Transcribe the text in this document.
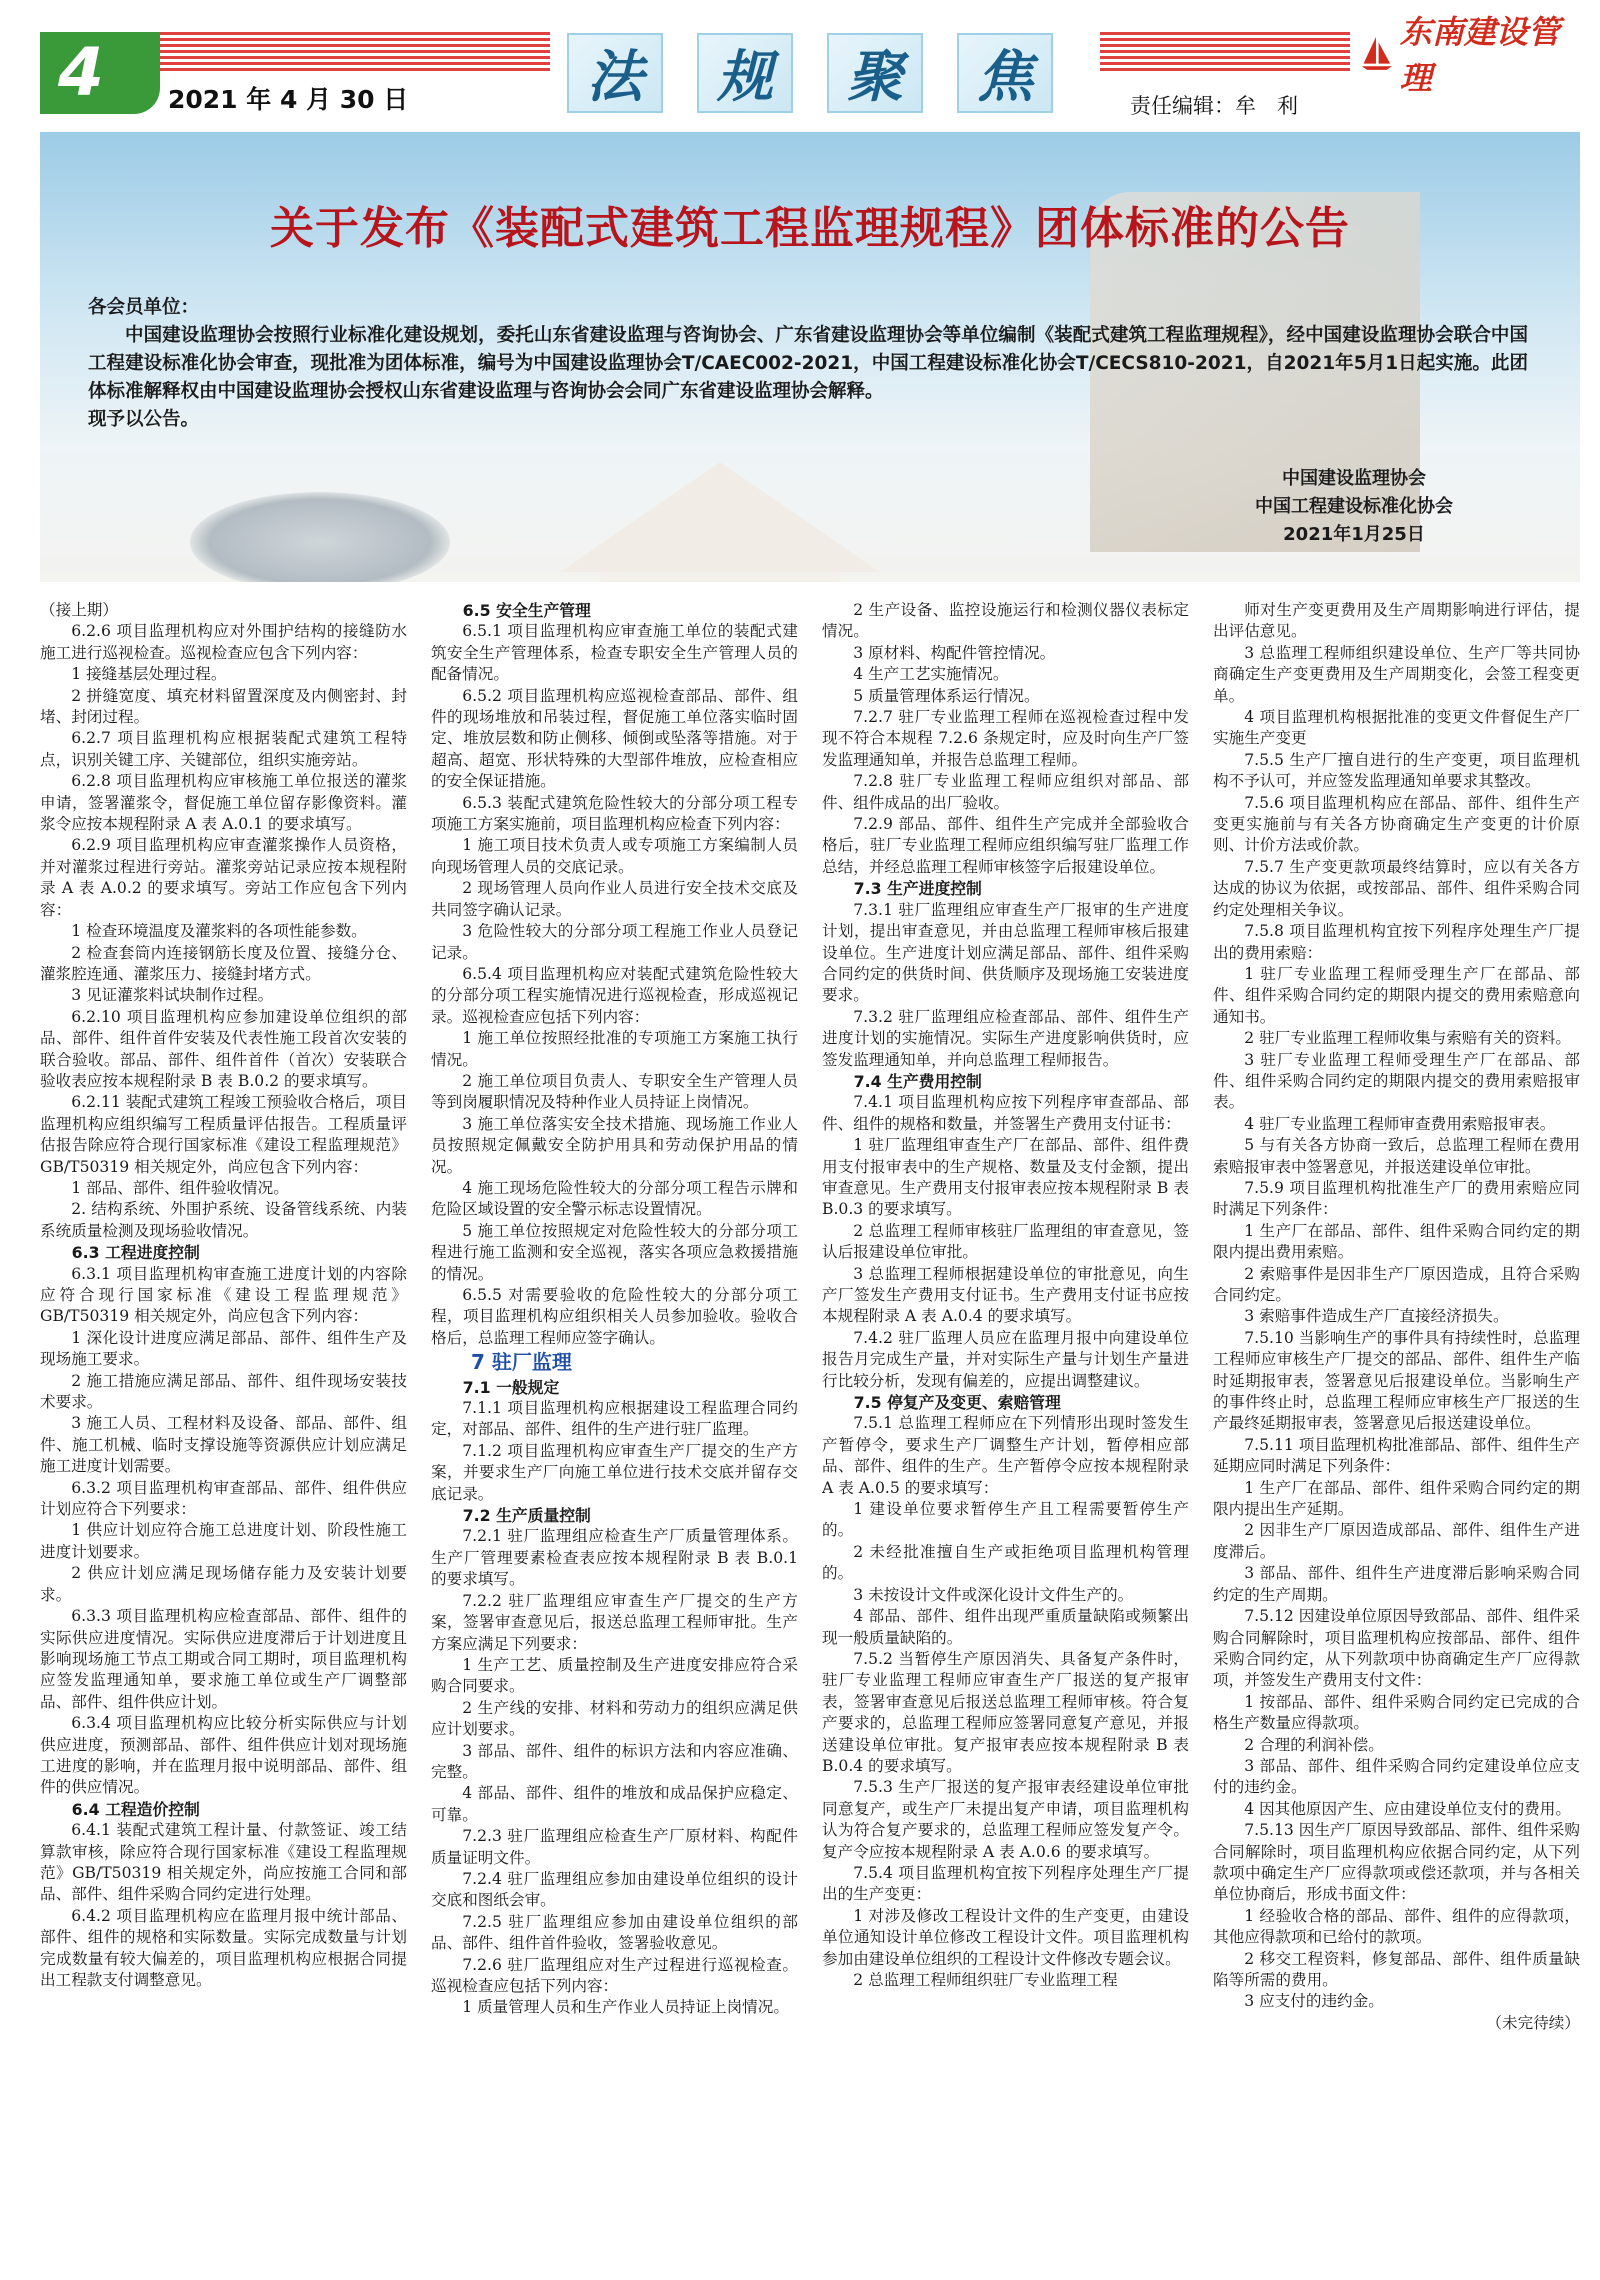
4	2021 年 4 月 30 日	法	规	聚	焦
东南建设管理
责任编辑：牟　利
关于发布《装配式建筑工程监理规程》团体标准的公告
各会员单位：
中国建设监理协会按照行业标准化建设规划，委托山东省建设监理与咨询协会、广东省建设监理协会等单位编制《装配式建筑工程监理规程》，经中国建设监理协会联合中国工程建设标准化协会审查，现批准为团体标准，编号为中国建设监理协会T/CAEC002-2021，中国工程建设标准化协会T/CECS810-2021，自2021年5月1日起实施。此团体标准解释权由中国建设监理协会授权山东省建设监理与咨询协会会同广东省建设监理协会解释。
现予以公告。
中国建设监理协会
中国工程建设标准化协会
2021年1月25日

（接上期）

6.2.6 项目监理机构应对外围护结构的接缝防水施工进行巡视检查。巡视检查应包含下列内容：

1 接缝基层处理过程。

2 拼缝宽度、填充材料留置深度及内侧密封、封堵、封闭过程。

6.2.7 项目监理机构应根据装配式建筑工程特点，识别关键工序、关键部位，组织实施旁站。

6.2.8 项目监理机构应审核施工单位报送的灌浆申请，签署灌浆令，督促施工单位留存影像资料。灌浆令应按本规程附录 A 表 A.0.1 的要求填写。

6.2.9 项目监理机构应审查灌浆操作人员资格，并对灌浆过程进行旁站。灌浆旁站记录应按本规程附录 A 表 A.0.2 的要求填写。旁站工作应包含下列内容：

1 检查环境温度及灌浆料的各项性能参数。

2 检查套筒内连接钢筋长度及位置、接缝分仓、灌浆腔连通、灌浆压力、接缝封堵方式。

3 见证灌浆料试块制作过程。

6.2.10 项目监理机构应参加建设单位组织的部品、部件、组件首件安装及代表性施工段首次安装的联合验收。部品、部件、组件首件（首次）安装联合验收表应按本规程附录 B 表 B.0.2 的要求填写。

6.2.11 装配式建筑工程竣工预验收合格后，项目监理机构应组织编写工程质量评估报告。工程质量评估报告除应符合现行国家标准《建设工程监理规范》GB/T50319 相关规定外，尚应包含下列内容：

1 部品、部件、组件验收情况。

2. 结构系统、外围护系统、设备管线系统、内装系统质量检测及现场验收情况。

6.3 工程进度控制

6.3.1 项目监理机构审查施工进度计划的内容除应符合现行国家标准《建设工程监理规范》GB/T50319 相关规定外，尚应包含下列内容：

1 深化设计进度应满足部品、部件、组件生产及现场施工要求。

2 施工措施应满足部品、部件、组件现场安装技术要求。

3 施工人员、工程材料及设备、部品、部件、组件、施工机械、临时支撑设施等资源供应计划应满足施工进度计划需要。

6.3.2 项目监理机构审查部品、部件、组件供应计划应符合下列要求：

1 供应计划应符合施工总进度计划、阶段性施工进度计划要求。

2 供应计划应满足现场储存能力及安装计划要求。

6.3.3 项目监理机构应检查部品、部件、组件的实际供应进度情况。实际供应进度滞后于计划进度且影响现场施工节点工期或合同工期时，项目监理机构应签发监理通知单，要求施工单位或生产厂调整部品、部件、组件供应计划。

6.3.4 项目监理机构应比较分析实际供应与计划供应进度，预测部品、部件、组件供应计划对现场施工进度的影响，并在监理月报中说明部品、部件、组件的供应情况。

6.4 工程造价控制

6.4.1 装配式建筑工程计量、付款签证、竣工结算款审核，除应符合现行国家标准《建设工程监理规范》GB/T50319 相关规定外，尚应按施工合同和部品、部件、组件采购合同约定进行处理。

6.4.2 项目监理机构应在监理月报中统计部品、部件、组件的规格和实际数量。实际完成数量与计划完成数量有较大偏差的，项目监理机构应根据合同提出工程款支付调整意见。

6.5 安全生产管理

6.5.1 项目监理机构应审查施工单位的装配式建筑安全生产管理体系，检查专职安全生产管理人员的配备情况。

6.5.2 项目监理机构应巡视检查部品、部件、组件的现场堆放和吊装过程，督促施工单位落实临时固定、堆放层数和防止侧移、倾倒或坠落等措施。对于超高、超宽、形状特殊的大型部件堆放，应检查相应的安全保证措施。

6.5.3 装配式建筑危险性较大的分部分项工程专项施工方案实施前，项目监理机构应检查下列内容：

1 施工项目技术负责人或专项施工方案编制人员向现场管理人员的交底记录。

2 现场管理人员向作业人员进行安全技术交底及共同签字确认记录。

3 危险性较大的分部分项工程施工作业人员登记记录。

6.5.4 项目监理机构应对装配式建筑危险性较大的分部分项工程实施情况进行巡视检查，形成巡视记录。巡视检查应包括下列内容：

1 施工单位按照经批准的专项施工方案施工执行情况。

2 施工单位项目负责人、专职安全生产管理人员等到岗履职情况及特种作业人员持证上岗情况。

3 施工单位落实安全技术措施、现场施工作业人员按照规定佩戴安全防护用具和劳动保护用品的情况。

4 施工现场危险性较大的分部分项工程告示牌和危险区域设置的安全警示标志设置情况。

5 施工单位按照规定对危险性较大的分部分项工程进行施工监测和安全巡视，落实各项应急救援措施的情况。

6.5.5 对需要验收的危险性较大的分部分项工程，项目监理机构应组织相关人员参加验收。验收合格后，总监理工程师应签字确认。

7 驻厂监理

7.1 一般规定

7.1.1 项目监理机构应根据建设工程监理合同约定，对部品、部件、组件的生产进行驻厂监理。

7.1.2 项目监理机构应审查生产厂提交的生产方案，并要求生产厂向施工单位进行技术交底并留存交底记录。

7.2 生产质量控制

7.2.1 驻厂监理组应检查生产厂质量管理体系。生产厂管理要素检查表应按本规程附录 B 表 B.0.1 的要求填写。

7.2.2 驻厂监理组应审查生产厂提交的生产方案，签署审查意见后，报送总监理工程师审批。生产方案应满足下列要求：

1 生产工艺、质量控制及生产进度安排应符合采购合同要求。

2 生产线的安排、材料和劳动力的组织应满足供应计划要求。

3 部品、部件、组件的标识方法和内容应准确、完整。

4 部品、部件、组件的堆放和成品保护应稳定、可靠。

7.2.3 驻厂监理组应检查生产厂原材料、构配件质量证明文件。

7.2.4 驻厂监理组应参加由建设单位组织的设计交底和图纸会审。

7.2.5 驻厂监理组应参加由建设单位组织的部品、部件、组件首件验收，签署验收意见。

7.2.6 驻厂监理组应对生产过程进行巡视检查。巡视检查应包括下列内容：

1 质量管理人员和生产作业人员持证上岗情况。

2 生产设备、监控设施运行和检测仪器仪表标定情况。

3 原材料、构配件管控情况。

4 生产工艺实施情况。

5 质量管理体系运行情况。

7.2.7 驻厂专业监理工程师在巡视检查过程中发现不符合本规程 7.2.6 条规定时，应及时向生产厂签发监理通知单，并报告总监理工程师。

7.2.8 驻厂专业监理工程师应组织对部品、部件、组件成品的出厂验收。

7.2.9 部品、部件、组件生产完成并全部验收合格后，驻厂专业监理工程师应组织编写驻厂监理工作总结，并经总监理工程师审核签字后报建设单位。

7.3 生产进度控制

7.3.1 驻厂监理组应审查生产厂报审的生产进度计划，提出审查意见，并由总监理工程师审核后报建设单位。生产进度计划应满足部品、部件、组件采购合同约定的供货时间、供货顺序及现场施工安装进度要求。

7.3.2 驻厂监理组应检查部品、部件、组件生产进度计划的实施情况。实际生产进度影响供货时，应签发监理通知单，并向总监理工程师报告。

7.4 生产费用控制

7.4.1 项目监理机构应按下列程序审查部品、部件、组件的规格和数量，并签署生产费用支付证书：

1 驻厂监理组审查生产厂在部品、部件、组件费用支付报审表中的生产规格、数量及支付金额，提出审查意见。生产费用支付报审表应按本规程附录 B 表 B.0.3 的要求填写。

2 总监理工程师审核驻厂监理组的审查意见，签认后报建设单位审批。

3 总监理工程师根据建设单位的审批意见，向生产厂签发生产费用支付证书。生产费用支付证书应按本规程附录 A 表 A.0.4 的要求填写。

7.4.2 驻厂监理人员应在监理月报中向建设单位报告月完成生产量，并对实际生产量与计划生产量进行比较分析，发现有偏差的，应提出调整建议。

7.5 停复产及变更、索赔管理

7.5.1 总监理工程师应在下列情形出现时签发生产暂停令，要求生产厂调整生产计划，暂停相应部品、部件、组件的生产。生产暂停令应按本规程附录 A 表 A.0.5 的要求填写：

1 建设单位要求暂停生产且工程需要暂停生产的。

2 未经批准擅自生产或拒绝项目监理机构管理的。

3 未按设计文件或深化设计文件生产的。

4 部品、部件、组件出现严重质量缺陷或频繁出现一般质量缺陷的。

7.5.2 当暂停生产原因消失、具备复产条件时，驻厂专业监理工程师应审查生产厂报送的复产报审表，签署审查意见后报送总监理工程师审核。符合复产要求的，总监理工程师应签署同意复产意见，并报送建设单位审批。复产报审表应按本规程附录 B 表 B.0.4 的要求填写。

7.5.3 生产厂报送的复产报审表经建设单位审批同意复产，或生产厂未提出复产申请，项目监理机构认为符合复产要求的，总监理工程师应签发复产令。复产令应按本规程附录 A 表 A.0.6 的要求填写。

7.5.4 项目监理机构宜按下列程序处理生产厂提出的生产变更：

1 对涉及修改工程设计文件的生产变更，由建设单位通知设计单位修改工程设计文件。项目监理机构参加由建设单位组织的工程设计文件修改专题会议。

2 总监理工程师组织驻厂专业监理工程

师对生产变更费用及生产周期影响进行评估，提出评估意见。

3 总监理工程师组织建设单位、生产厂等共同协商确定生产变更费用及生产周期变化，会签工程变更单。

4 项目监理机构根据批准的变更文件督促生产厂实施生产变更

7.5.5 生产厂擅自进行的生产变更，项目监理机构不予认可，并应签发监理通知单要求其整改。

7.5.6 项目监理机构应在部品、部件、组件生产变更实施前与有关各方协商确定生产变更的计价原则、计价方法或价款。

7.5.7 生产变更款项最终结算时，应以有关各方达成的协议为依据，或按部品、部件、组件采购合同约定处理相关争议。

7.5.8 项目监理机构宜按下列程序处理生产厂提出的费用索赔：

1 驻厂专业监理工程师受理生产厂在部品、部件、组件采购合同约定的期限内提交的费用索赔意向通知书。

2 驻厂专业监理工程师收集与索赔有关的资料。

3 驻厂专业监理工程师受理生产厂在部品、部件、组件采购合同约定的期限内提交的费用索赔报审表。

4 驻厂专业监理工程师审查费用索赔报审表。

5 与有关各方协商一致后，总监理工程师在费用索赔报审表中签署意见，并报送建设单位审批。

7.5.9 项目监理机构批准生产厂的费用索赔应同时满足下列条件：

1 生产厂在部品、部件、组件采购合同约定的期限内提出费用索赔。

2 索赔事件是因非生产厂原因造成，且符合采购合同约定。

3 索赔事件造成生产厂直接经济损失。

7.5.10 当影响生产的事件具有持续性时，总监理工程师应审核生产厂提交的部品、部件、组件生产临时延期报审表，签署意见后报建设单位。当影响生产的事件终止时，总监理工程师应审核生产厂报送的生产最终延期报审表，签署意见后报送建设单位。

7.5.11 项目监理机构批准部品、部件、组件生产延期应同时满足下列条件：

1 生产厂在部品、部件、组件采购合同约定的期限内提出生产延期。

2 因非生产厂原因造成部品、部件、组件生产进度滞后。

3 部品、部件、组件生产进度滞后影响采购合同约定的生产周期。

7.5.12 因建设单位原因导致部品、部件、组件采购合同解除时，项目监理机构应按部品、部件、组件采购合同约定，从下列款项中协商确定生产厂应得款项，并签发生产费用支付文件：

1 按部品、部件、组件采购合同约定已完成的合格生产数量应得款项。

2 合理的利润补偿。

3 部品、部件、组件采购合同约定建设单位应支付的违约金。

4 因其他原因产生、应由建设单位支付的费用。

7.5.13 因生产厂原因导致部品、部件、组件采购合同解除时，项目监理机构应依据合同约定，从下列款项中确定生产厂应得款项或偿还款项，并与各相关单位协商后，形成书面文件：

1 经验收合格的部品、部件、组件的应得款项，其他应得款项和已给付的款项。

2 移交工程资料，修复部品、部件、组件质量缺陷等所需的费用。

3 应支付的违约金。

（未完待续）
